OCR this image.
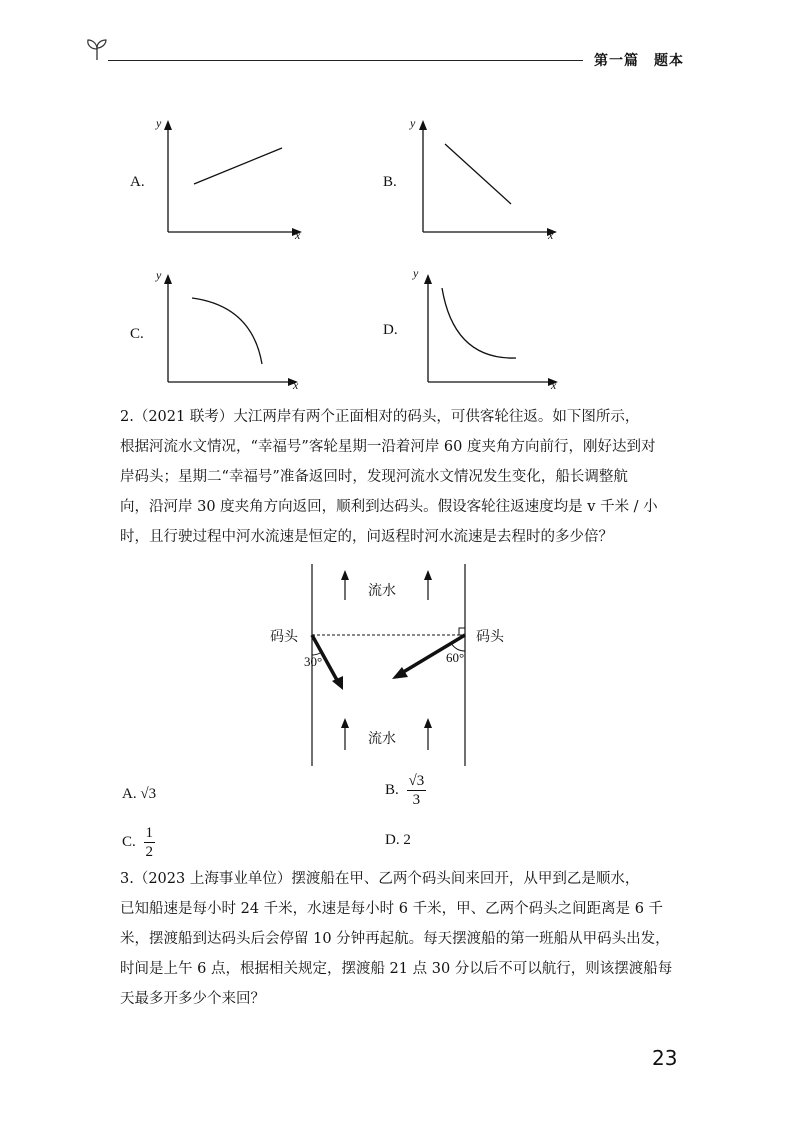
第一篇　题本
A.
y
x
B.
y
x
C.
y
x
D.
y
x
2.（2021 联考）大江两岸有两个正面相对的码头，可供客轮往返。如下图所示，
根据河流水文情况，“幸福号”客轮星期一沿着河岸 60 度夹角方向前行，刚好达到对
岸码头；星期二“幸福号”准备返回时，发现河流水文情况发生变化，船长调整航
向，沿河岸 30 度夹角方向返回，顺利到达码头。假设客轮往返速度均是 v 千米 / 小
时，且行驶过程中河水流速是恒定的，问返程时河水流速是去程时的多少倍？
流水
流水
码头	码头
30°	60°
A. √3	B. $\frac{√3}{3}$
C. $\frac{1}{2}$	D. 2
3.（2023 上海事业单位）摆渡船在甲、乙两个码头间来回开，从甲到乙是顺水，
已知船速是每小时 24 千米，水速是每小时 6 千米，甲、乙两个码头之间距离是 6 千
米，摆渡船到达码头后会停留 10 分钟再起航。每天摆渡船的第一班船从甲码头出发，
时间是上午 6 点，根据相关规定，摆渡船 21 点 30 分以后不可以航行，则该摆渡船每
天最多开多少个来回？
23
